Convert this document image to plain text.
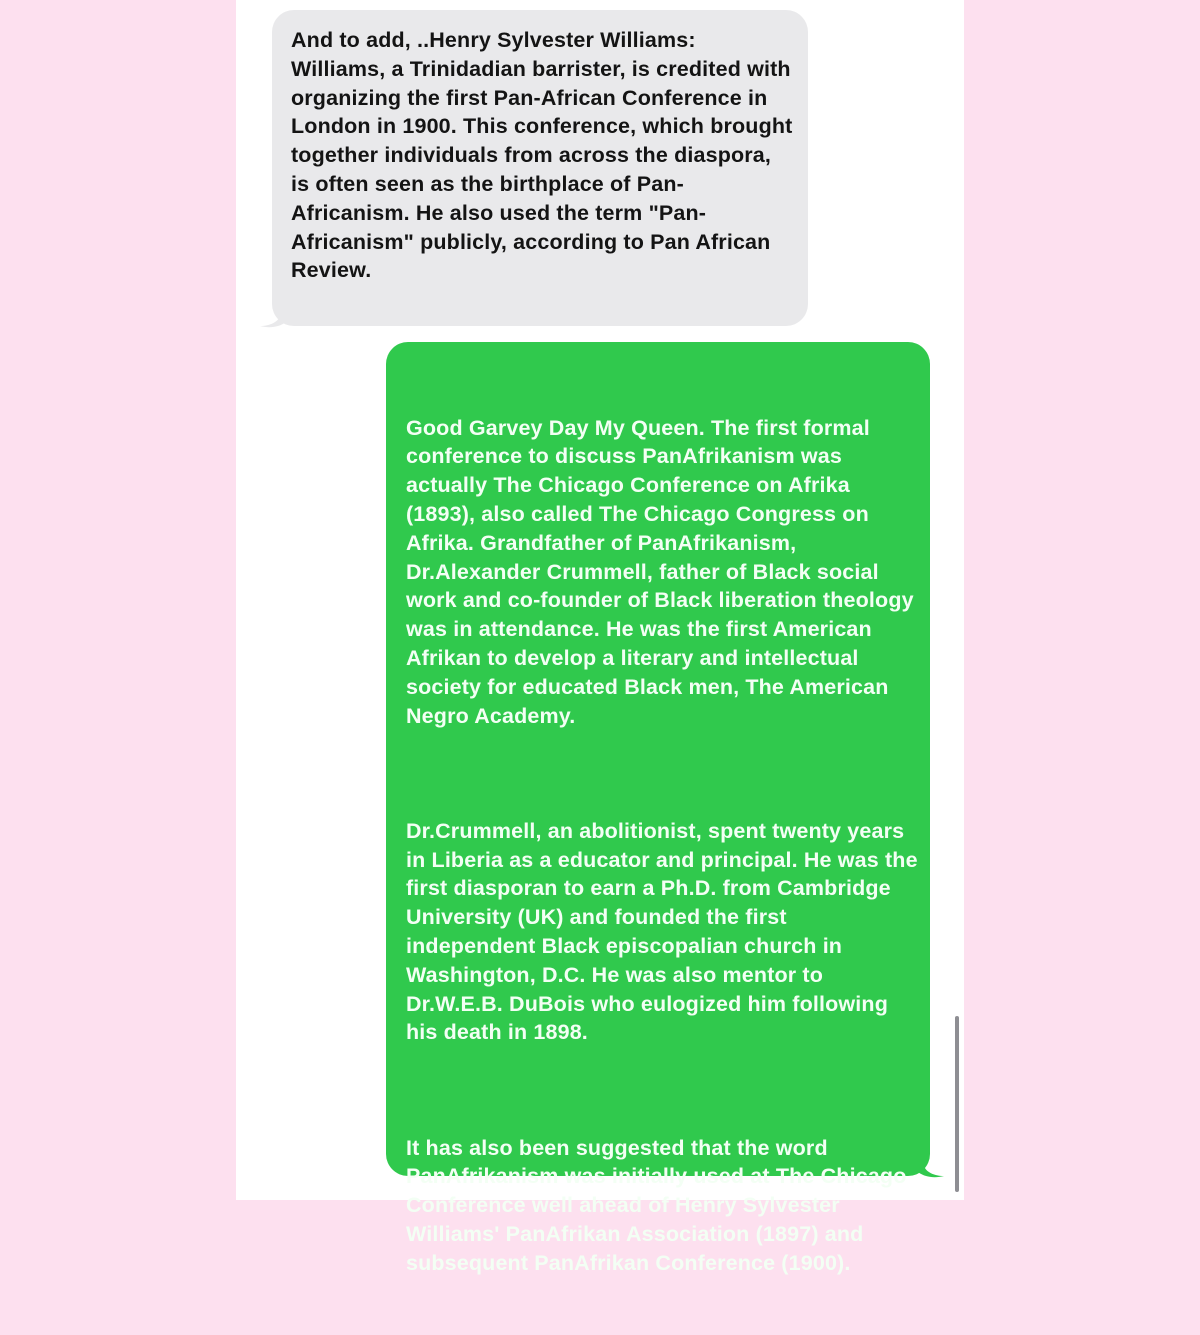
And to add, ..Henry Sylvester Williams: Williams, a Trinidadian barrister, is credited with organizing the first Pan-African Conference in London in 1900. This conference, which brought together individuals from across the diaspora, is often seen as the birthplace of Pan-Africanism. He also used the term "Pan-Africanism" publicly, according to Pan African Review.

Good Garvey Day My Queen. The first formal conference to discuss PanAfrikanism was actually The Chicago Conference on Afrika (1893), also called The Chicago Congress on Afrika. Grandfather of PanAfrikanism, Dr.Alexander Crummell, father of Black social work and co-founder of Black liberation theology was in attendance. He was the first American Afrikan to develop a literary and intellectual society for educated Black men, The American Negro Academy.

Dr.Crummell, an abolitionist, spent twenty years in Liberia as a educator and principal. He was the first diasporan to earn a Ph.D. from Cambridge University (UK) and founded the first independent Black episcopalian church in Washington, D.C. He was also mentor to Dr.W.E.B. DuBois who eulogized him following his death in 1898.

It has also been suggested that the word PanAfrikanism was initially used at The Chicago Conference well ahead of Henry Sylvester Williams' PanAfrikan Association (1897) and subsequent PanAfrikan Conference (1900).
